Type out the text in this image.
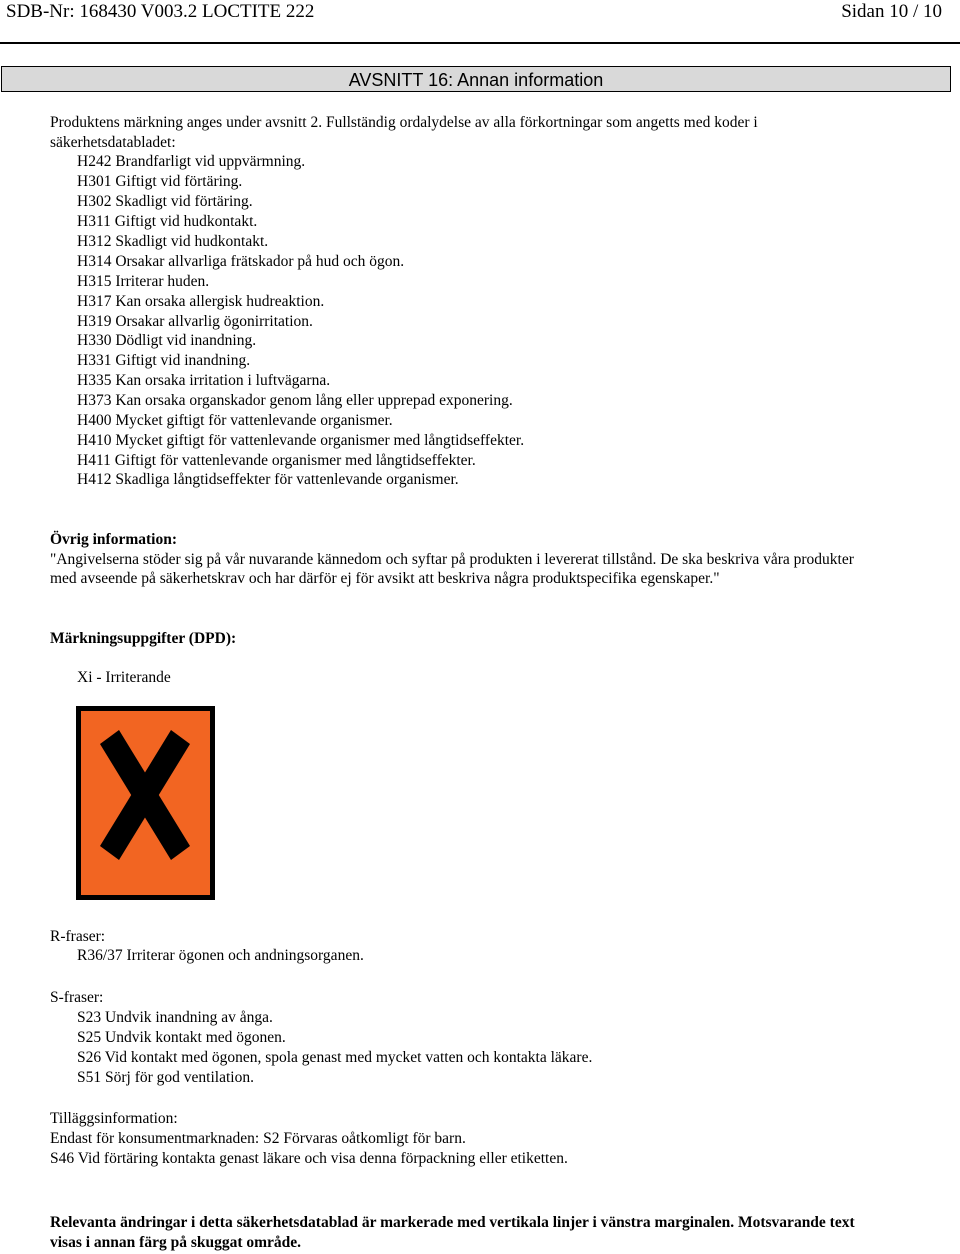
SDB-Nr: 168430 V003.2 LOCTITE 222	Sidan 10 / 10
AVSNITT 16: Annan information
Produktens märkning anges under avsnitt 2. Fullständig ordalydelse av alla förkortningar som angetts med koder i
säkerhetsdatabladet:
H242 Brandfarligt vid uppvärmning.
H301 Giftigt vid förtäring.
H302 Skadligt vid förtäring.
H311 Giftigt vid hudkontakt.
H312 Skadligt vid hudkontakt.
H314 Orsakar allvarliga frätskador på hud och ögon.
H315 Irriterar huden.
H317 Kan orsaka allergisk hudreaktion.
H319 Orsakar allvarlig ögonirritation.
H330 Dödligt vid inandning.
H331 Giftigt vid inandning.
H335 Kan orsaka irritation i luftvägarna.
H373 Kan orsaka organskador genom lång eller upprepad exponering.
H400 Mycket giftigt för vattenlevande organismer.
H410 Mycket giftigt för vattenlevande organismer med långtidseffekter.
H411 Giftigt för vattenlevande organismer med långtidseffekter.
H412 Skadliga långtidseffekter för vattenlevande organismer.
Övrig information:
"Angivelserna stöder sig på vår nuvarande kännedom och syftar på produkten i levererat tillstånd. De ska beskriva våra produkter
med avseende på säkerhetskrav och har därför ej för avsikt att beskriva några produktspecifika egenskaper."
Märkningsuppgifter (DPD):
Xi - Irriterande
R-fraser:
R36/37 Irriterar ögonen och andningsorganen.
S-fraser:
S23 Undvik inandning av ånga.
S25 Undvik kontakt med ögonen.
S26 Vid kontakt med ögonen, spola genast med mycket vatten och kontakta läkare.
S51 Sörj för god ventilation.
Tilläggsinformation:
Endast för konsumentmarknaden: S2 Förvaras oåtkomligt för barn.
S46 Vid förtäring kontakta genast läkare och visa denna förpackning eller etiketten.
Relevanta ändringar i detta säkerhetsdatablad är markerade med vertikala linjer i vänstra marginalen. Motsvarande text
visas i annan färg på skuggat område.
